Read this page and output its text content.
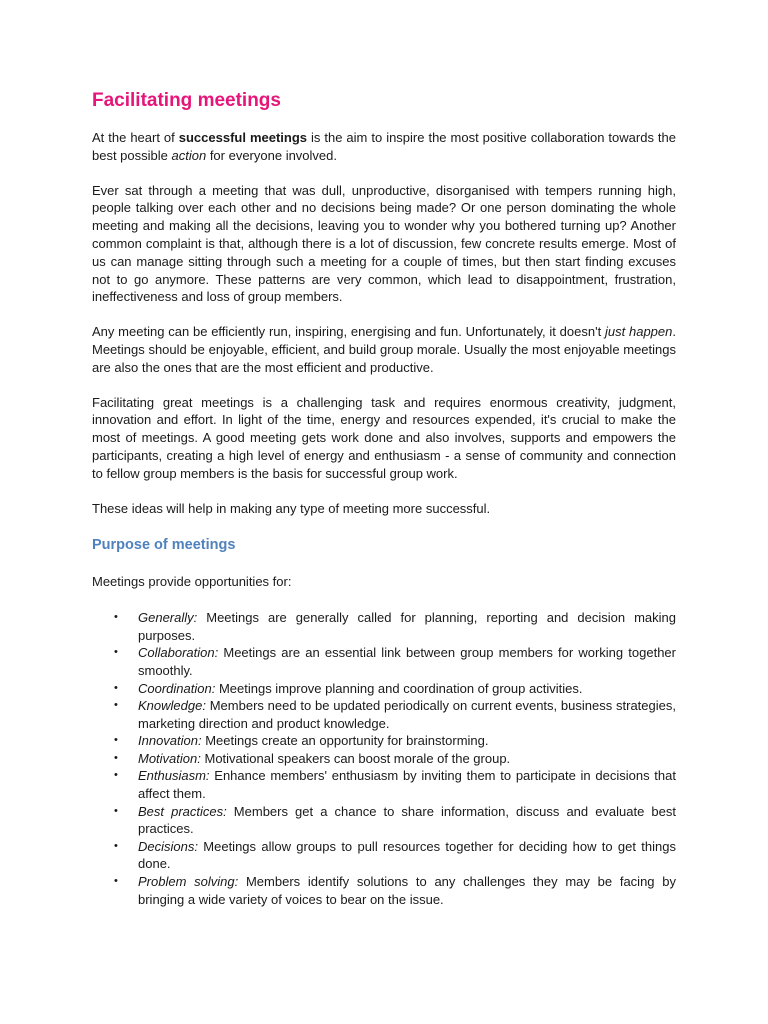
Facilitating meetings

At the heart of successful meetings is the aim to inspire the most positive collaboration towards the best possible action for everyone involved.

Ever sat through a meeting that was dull, unproductive, disorganised with tempers running high, people talking over each other and no decisions being made? Or one person dominating the whole meeting and making all the decisions, leaving you to wonder why you bothered turning up? Another common complaint is that, although there is a lot of discussion, few concrete results emerge. Most of us can manage sitting through such a meeting for a couple of times, but then start finding excuses not to go anymore. These patterns are very common, which lead to disappointment, frustration, ineffectiveness and loss of group members.

Any meeting can be efficiently run, inspiring, energising and fun. Unfortunately, it doesn't just happen. Meetings should be enjoyable, efficient, and build group morale. Usually the most enjoyable meetings are also the ones that are the most efficient and productive.

Facilitating great meetings is a challenging task and requires enormous creativity, judgment, innovation and effort. In light of the time, energy and resources expended, it's crucial to make the most of meetings. A good meeting gets work done and also involves, supports and empowers the participants, creating a high level of energy and enthusiasm - a sense of community and connection to fellow group members is the basis for successful group work.

These ideas will help in making any type of meeting more successful.

Purpose of meetings

Meetings provide opportunities for:

• Generally: Meetings are generally called for planning, reporting and decision making purposes.
• Collaboration: Meetings are an essential link between group members for working together smoothly.
• Coordination: Meetings improve planning and coordination of group activities.
• Knowledge: Members need to be updated periodically on current events, business strategies, marketing direction and product knowledge.
• Innovation: Meetings create an opportunity for brainstorming.
• Motivation: Motivational speakers can boost morale of the group.
• Enthusiasm: Enhance members' enthusiasm by inviting them to participate in decisions that affect them.
• Best practices: Members get a chance to share information, discuss and evaluate best practices.
• Decisions: Meetings allow groups to pull resources together for deciding how to get things done.
• Problem solving: Members identify solutions to any challenges they may be facing by bringing a wide variety of voices to bear on the issue.
